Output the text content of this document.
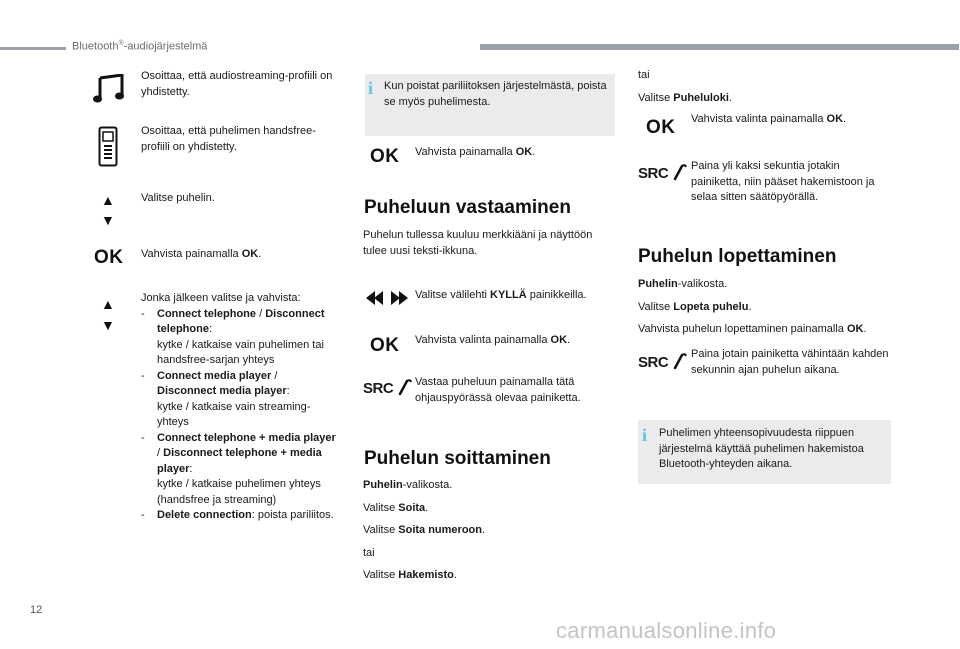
Bluetooth®-audiojärjestelmä
Osoittaa, että audiostreaming-profiili on yhdistetty.
Osoittaa, että puhelimen handsfree-profiili on yhdistetty.
▲
▼
Valitse puhelin.
OK Vahvista painamalla OK.
▲
▼
Jonka jälkeen valitse ja vahvista:
- Connect telephone / Disconnect telephone:
kytke / katkaise vain puhelimen tai handsfree-sarjan yhteys
- Connect media player / Disconnect media player:
kytke / katkaise vain streaming-yhteys
- Connect telephone + media player / Disconnect telephone + media player:
kytke / katkaise puhelimen yhteys (handsfree ja streaming)
- Delete connection: poista pariliitos.
i Kun poistat pariliitoksen järjestelmästä, poista se myös puhelimesta.
OK Vahvista painamalla OK.
Puheluun vastaaminen
Puhelun tullessa kuuluu merkkiääni ja näyttöön tulee uusi teksti-ikkuna.
Valitse välilehti KYLLÄ painikkeilla.
OK Vahvista valinta painamalla OK.
SRC	Vastaa puheluun painamalla tätä ohjauspyörässä olevaa painiketta.
Puhelun soittaminen
Puhelin-valikosta.
Valitse Soita.
Valitse Soita numeroon.
tai
Valitse Hakemisto.
tai
Valitse Puheluloki.
OK Vahvista valinta painamalla OK.
SRC	Paina yli kaksi sekuntia jotakin painiketta, niin pääset hakemistoon ja selaa sitten säätöpyörällä.
Puhelun lopettaminen
Puhelin-valikosta.
Valitse Lopeta puhelu.
Vahvista puhelun lopettaminen painamalla OK.
SRC	Paina jotain painiketta vähintään kahden sekunnin ajan puhelun aikana.
i Puhelimen yhteensopivuudesta riippuen järjestelmä käyttää puhelimen hakemistoa Bluetooth-yhteyden aikana.
12
carmanualsonline.info
